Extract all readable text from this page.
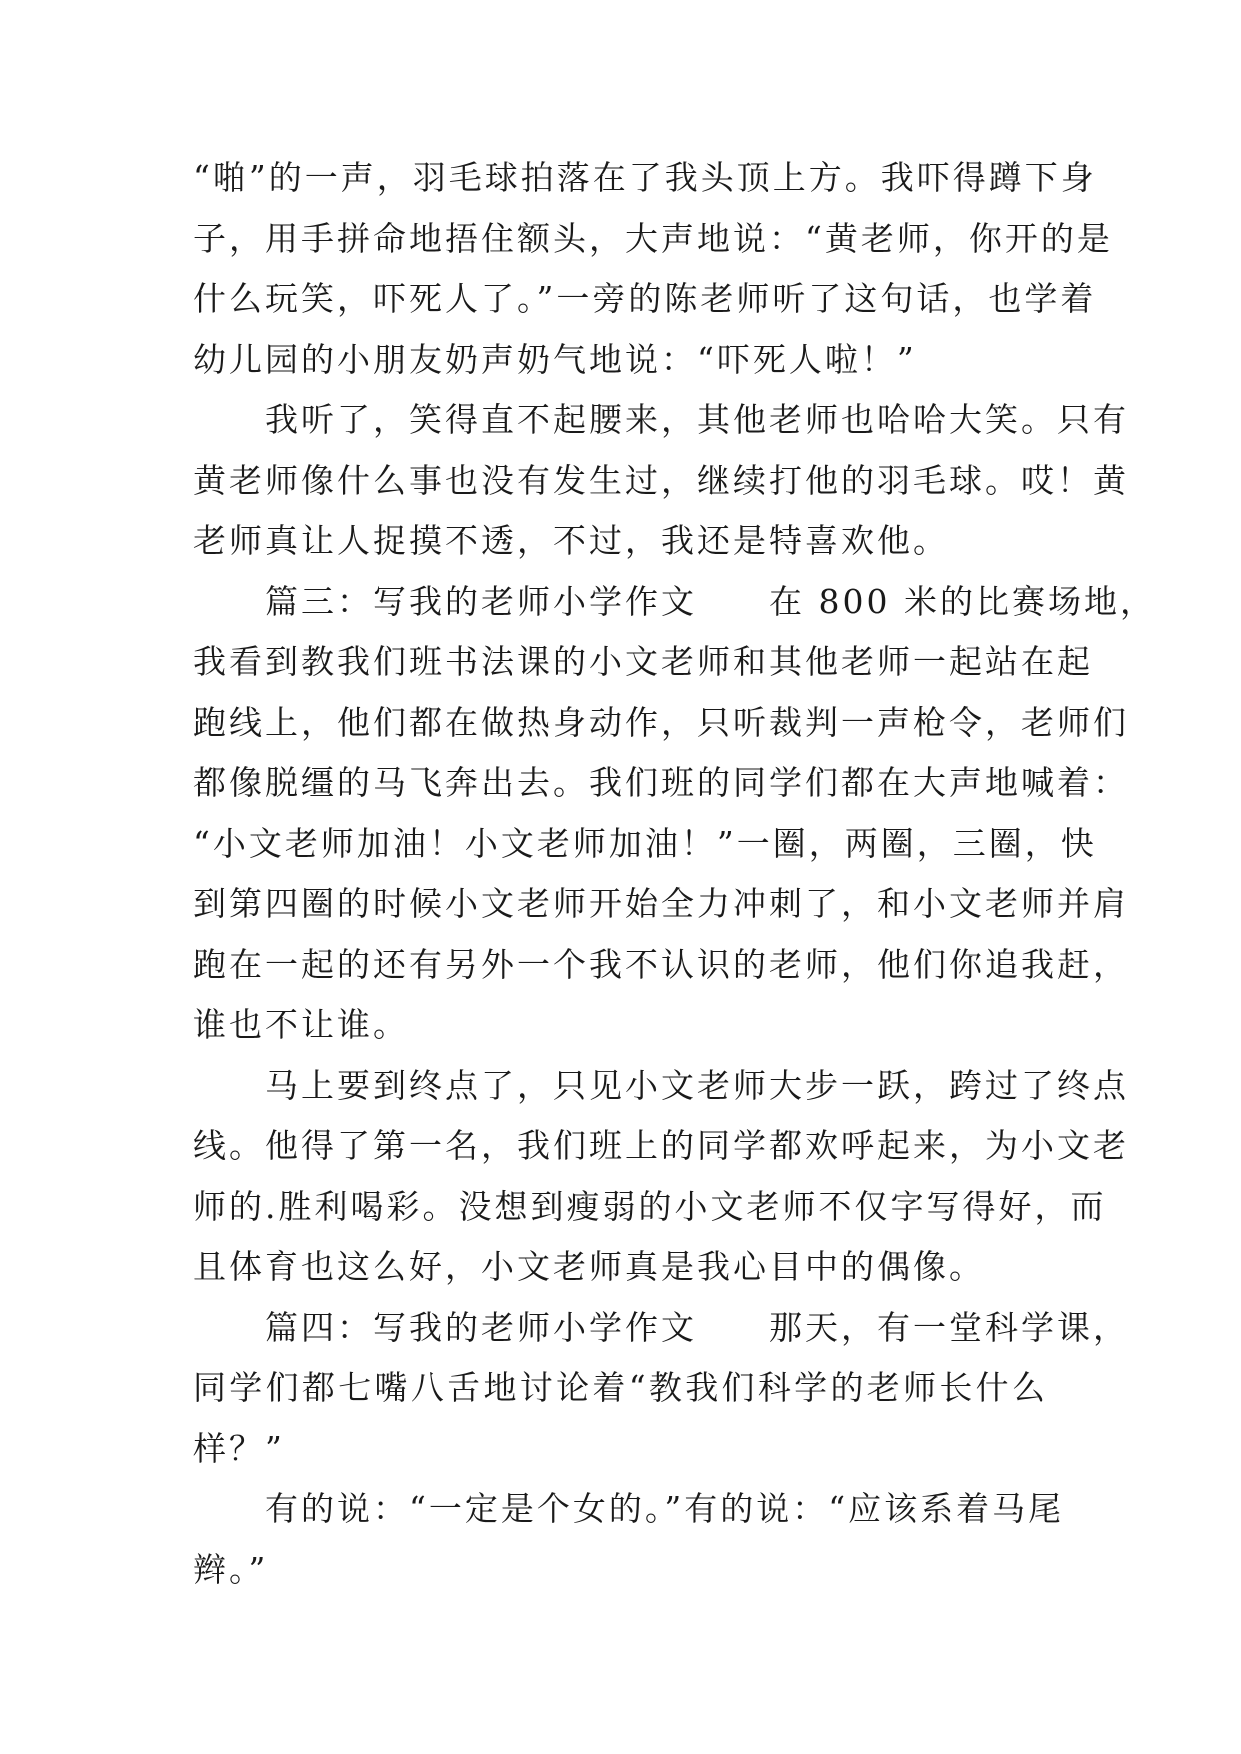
“啪”的一声，羽毛球拍落在了我头顶上方。我吓得蹲下身
子，用手拼命地捂住额头，大声地说：“黄老师，你开的是
什么玩笑，吓死人了。”一旁的陈老师听了这句话，也学着
幼儿园的小朋友奶声奶气地说：“吓死人啦！”
　　我听了，笑得直不起腰来，其他老师也哈哈大笑。只有
黄老师像什么事也没有发生过，继续打他的羽毛球。哎！黄
老师真让人捉摸不透，不过，我还是特喜欢他。
　　篇三：写我的老师小学作文　　在 800 米的比赛场地，
我看到教我们班书法课的小文老师和其他老师一起站在起
跑线上，他们都在做热身动作，只听裁判一声枪令，老师们
都像脱缰的马飞奔出去。我们班的同学们都在大声地喊着：
“小文老师加油！小文老师加油！”一圈，两圈，三圈，快
到第四圈的时候小文老师开始全力冲刺了，和小文老师并肩
跑在一起的还有另外一个我不认识的老师，他们你追我赶，
谁也不让谁。
　　马上要到终点了，只见小文老师大步一跃，跨过了终点
线。他得了第一名，我们班上的同学都欢呼起来，为小文老
师的.胜利喝彩。没想到瘦弱的小文老师不仅字写得好，而
且体育也这么好，小文老师真是我心目中的偶像。
　　篇四：写我的老师小学作文　　那天，有一堂科学课，
同学们都七嘴八舌地讨论着“教我们科学的老师长什么
样？”
　　有的说：“一定是个女的。”有的说：“应该系着马尾
辫。”
